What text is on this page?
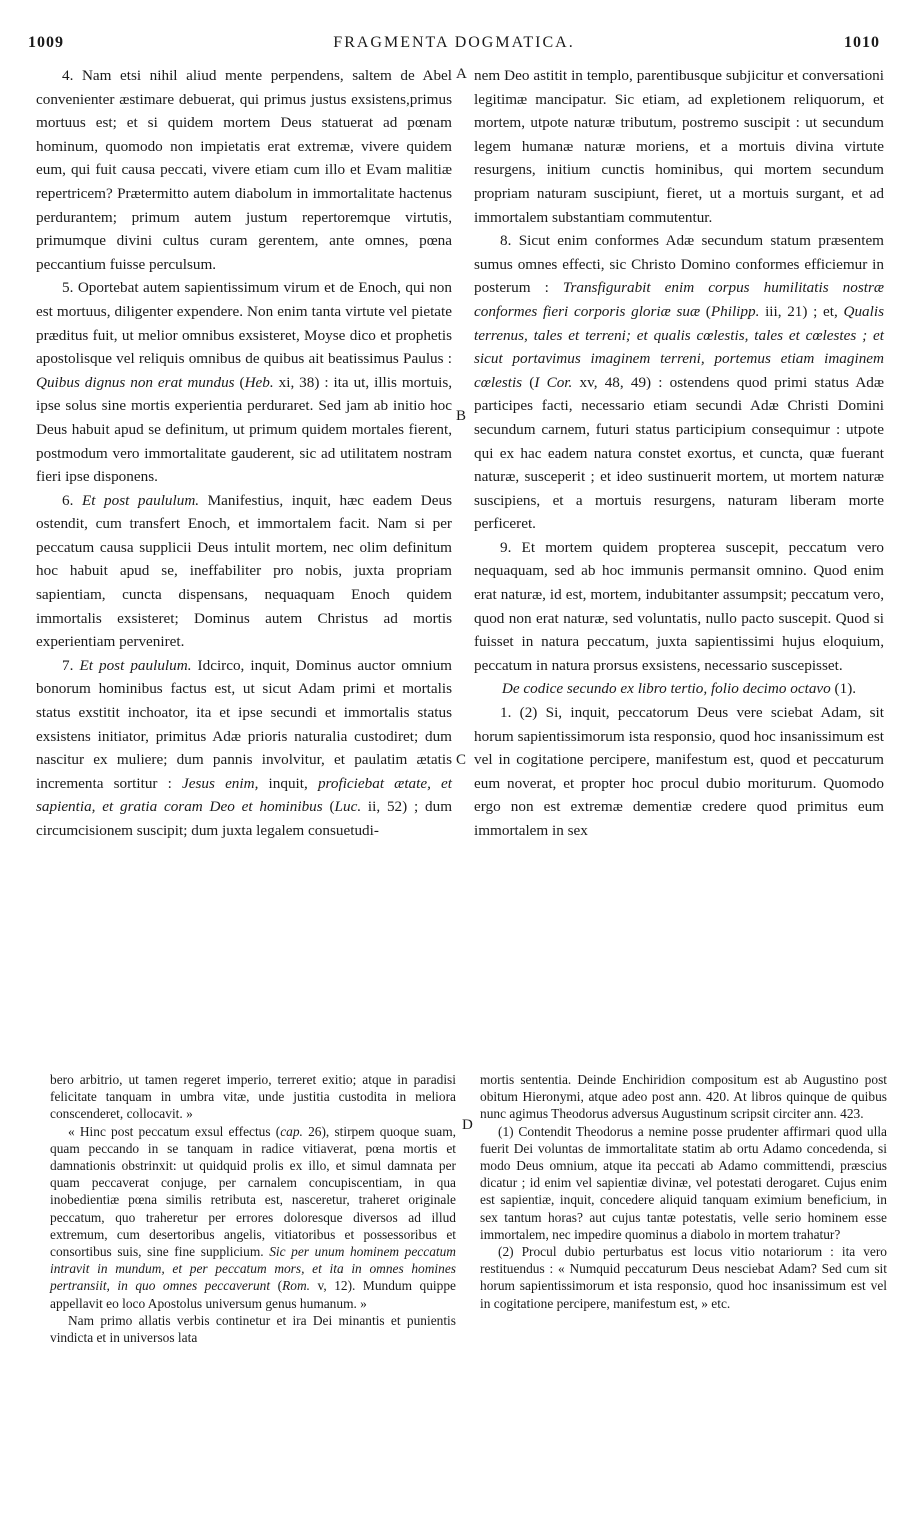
1009	FRAGMENTA DOGMATICA.	1010
A
B
C
D

4. Nam etsi nihil aliud mente perpendens, saltem de Abel convenienter æstimare debuerat, qui primus justus exsistens,primus mortuus est; et si quidem mortem Deus statuerat ad pœnam hominum, quomodo non impietatis erat extremæ, vivere quidem eum, qui fuit causa peccati, vivere etiam cum illo et Evam malitiæ repertricem? Prætermitto autem diabolum in immortalitate hactenus perdurantem; primum autem justum repertoremque virtutis, primumque divini cultus curam gerentem, ante omnes, pœna peccantium fuisse perculsum.

5. Oportebat autem sapientissimum virum et de Enoch, qui non est mortuus, diligenter expendere. Non enim tanta virtute vel pietate præditus fuit, ut melior omnibus exsisteret, Moyse dico et prophetis apostolisque vel reliquis omnibus de quibus ait beatissimus Paulus : Quibus dignus non erat mundus (Heb. xi, 38) : ita ut, illis mortuis, ipse solus sine mortis experientia perduraret. Sed jam ab initio hoc Deus habuit apud se definitum, ut primum quidem mortales fierent, postmodum vero immortalitate gauderent, sic ad utilitatem nostram fieri ipse disponens.

6. Et post paululum. Manifestius, inquit, hæc eadem Deus ostendit, cum transfert Enoch, et immortalem facit. Nam si per peccatum causa supplicii Deus intulit mortem, nec olim definitum hoc habuit apud se, ineffabiliter pro nobis, juxta propriam sapientiam, cuncta dispensans, nequaquam Enoch quidem immortalis exsisteret; Dominus autem Christus ad mortis experientiam perveniret.

7. Et post paululum. Idcirco, inquit, Dominus auctor omnium bonorum hominibus factus est, ut sicut Adam primi et mortalis status exstitit inchoator, ita et ipse secundi et immortalis status exsistens initiator, primitus Adæ prioris naturalia custodiret; dum nascitur ex muliere; dum pannis involvitur, et paulatim ætatis incrementa sortitur : Jesus enim, inquit, proficiebat ætate, et sapientia, et gratia coram Deo et hominibus (Luc. ii, 52) ; dum circumcisionem suscipit; dum juxta legalem consuetudi-

nem Deo astitit in templo, parentibusque subjicitur et conversationi legitimæ mancipatur. Sic etiam, ad expletionem reliquorum, et mortem, utpote naturæ tributum, postremo suscipit : ut secundum legem humanæ naturæ moriens, et a mortuis divina virtute resurgens, initium cunctis hominibus, qui mortem secundum propriam naturam suscipiunt, fieret, ut a mortuis surgant, et ad immortalem substantiam commutentur.

8. Sicut enim conformes Adæ secundum statum præsentem sumus omnes effecti, sic Christo Domino conformes efficiemur in posterum : Transfigurabit enim corpus humilitatis nostræ conformes fieri corporis gloriæ suæ (Philipp. iii, 21) ; et, Qualis terrenus, tales et terreni; et qualis cœlestis, tales et cœlestes ; et sicut portavimus imaginem terreni, portemus etiam imaginem cœlestis (I Cor. xv, 48, 49) : ostendens quod primi status Adæ participes facti, necessario etiam secundi Adæ Christi Domini secundum carnem, futuri status participium consequimur : utpote qui ex hac eadem natura constet exortus, et cuncta, quæ fuerant naturæ, susceperit ; et ideo sustinuerit mortem, ut mortem naturæ suscipiens, et a mortuis resurgens, naturam liberam morte perficeret.

9. Et mortem quidem propterea suscepit, peccatum vero nequaquam, sed ab hoc immunis permansit omnino. Quod enim erat naturæ, id est, mortem, indubitanter assumpsit; peccatum vero, quod non erat naturæ, sed voluntatis, nullo pacto suscepit. Quod si fuisset in natura peccatum, juxta sapientissimi hujus eloquium, peccatum in natura prorsus exsistens, necessario suscepisset.

De codice secundo ex libro tertio, folio decimo octavo (1).

1. (2) Si, inquit, peccatorum Deus vere sciebat Adam, sit horum sapientissimorum ista responsio, quod hoc insanissimum est vel in cogitatione percipere, manifestum est, quod et peccaturum eum noverat, et propter hoc procul dubio moriturum. Quomodo ergo non est extremæ dementiæ credere quod primitus eum immortalem in sex

bero arbitrio, ut tamen regeret imperio, terreret exitio; atque in paradisi felicitate tanquam in umbra vitæ, unde justitia custodita in meliora conscenderet, collocavit. »

« Hinc post peccatum exsul effectus (cap. 26), stirpem quoque suam, quam peccando in se tanquam in radice vitiaverat, pœna mortis et damnationis obstrinxit: ut quidquid prolis ex illo, et simul damnata per quam peccaverat conjuge, per carnalem concupiscentiam, in qua inobedientiæ pœna similis retributa est, nasceretur, traheret originale peccatum, quo traheretur per errores doloresque diversos ad illud extremum, cum desertoribus angelis, vitiatoribus et possessoribus et consortibus suis, sine fine supplicium. Sic per unum hominem peccatum intravit in mundum, et per peccatum mors, et ita in omnes homines pertransiit, in quo omnes peccaverunt (Rom. v, 12). Mundum quippe appellavit eo loco Apostolus universum genus humanum. »

Nam primo allatis verbis continetur et ira Dei minantis et punientis vindicta et in universos lata

mortis sententia. Deinde Enchiridion compositum est ab Augustino post obitum Hieronymi, atque adeo post ann. 420. At libros quinque de quibus nunc agimus Theodorus adversus Augustinum scripsit circiter ann. 423.

(1) Contendit Theodorus a nemine posse prudenter affirmari quod ulla fuerit Dei voluntas de immortalitate statim ab ortu Adamo concedenda, si modo Deus omnium, atque ita peccati ab Adamo committendi, præscius dicatur ; id enim vel sapientiæ divinæ, vel potestati derogaret. Cujus enim est sapientiæ, inquit, concedere aliquid tanquam eximium beneficium, in sex tantum horas? aut cujus tantæ potestatis, velle serio hominem esse immortalem, nec impedire quominus a diabolo in mortem trahatur?

(2) Procul dubio perturbatus est locus vitio notariorum : ita vero restituendus : « Numquid peccaturum Deus nesciebat Adam? Sed cum sit horum sapientissimorum et ista responsio, quod hoc insanissimum est vel in cogitatione percipere, manifestum est, » etc.
